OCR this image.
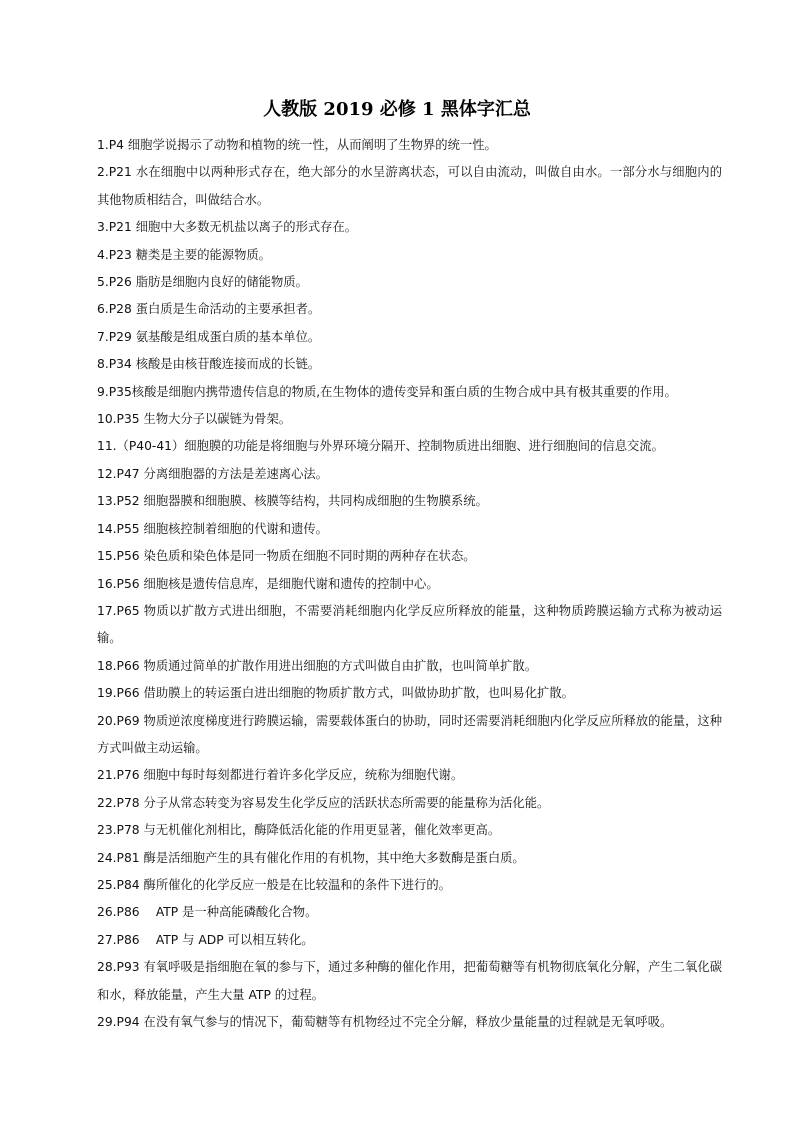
人教版 2019 必修 1 黑体字汇总
1.P4 细胞学说揭示了动物和植物的统一性，从而阐明了生物界的统一性。
2.P21 水在细胞中以两种形式存在，绝大部分的水呈游离状态，可以自由流动，叫做自由水。一部分水与细胞内的其他物质相结合，叫做结合水。
3.P21 细胞中大多数无机盐以离子的形式存在。
4.P23 糖类是主要的能源物质。
5.P26 脂肪是细胞内良好的储能物质。
6.P28 蛋白质是生命活动的主要承担者。
7.P29 氨基酸是组成蛋白质的基本单位。
8.P34 核酸是由核苷酸连接而成的长链。
9.P35核酸是细胞内携带遗传信息的物质,在生物体的遗传变异和蛋白质的生物合成中具有极其重要的作用。
10.P35 生物大分子以碳链为骨架。
11.（P40-41）细胞膜的功能是将细胞与外界环境分隔开、控制物质进出细胞、进行细胞间的信息交流。
12.P47 分离细胞器的方法是差速离心法。
13.P52 细胞器膜和细胞膜、核膜等结构，共同构成细胞的生物膜系统。
14.P55 细胞核控制着细胞的代谢和遗传。
15.P56 染色质和染色体是同一物质在细胞不同时期的两种存在状态。
16.P56 细胞核是遗传信息库，是细胞代谢和遗传的控制中心。
17.P65 物质以扩散方式进出细胞，不需要消耗细胞内化学反应所释放的能量，这种物质跨膜运输方式称为被动运输。
18.P66 物质通过简单的扩散作用进出细胞的方式叫做自由扩散，也叫简单扩散。
19.P66 借助膜上的转运蛋白进出细胞的物质扩散方式，叫做协助扩散，也叫易化扩散。
20.P69 物质逆浓度梯度进行跨膜运输，需要载体蛋白的协助，同时还需要消耗细胞内化学反应所释放的能量，这种方式叫做主动运输。
21.P76 细胞中每时每刻都进行着许多化学反应，统称为细胞代谢。
22.P78 分子从常态转变为容易发生化学反应的活跃状态所需要的能量称为活化能。
23.P78 与无机催化剂相比，酶降低活化能的作用更显著，催化效率更高。
24.P81 酶是活细胞产生的具有催化作用的有机物，其中绝大多数酶是蛋白质。
25.P84 酶所催化的化学反应一般是在比较温和的条件下进行的。
26.P86　 ATP 是一种高能磷酸化合物。
27.P86　 ATP 与 ADP 可以相互转化。
28.P93 有氧呼吸是指细胞在氧的参与下，通过多种酶的催化作用，把葡萄糖等有机物彻底氧化分解，产生二氧化碳和水，释放能量，产生大量 ATP 的过程。
29.P94 在没有氧气参与的情况下，葡萄糖等有机物经过不完全分解，释放少量能量的过程就是无氧呼吸。
